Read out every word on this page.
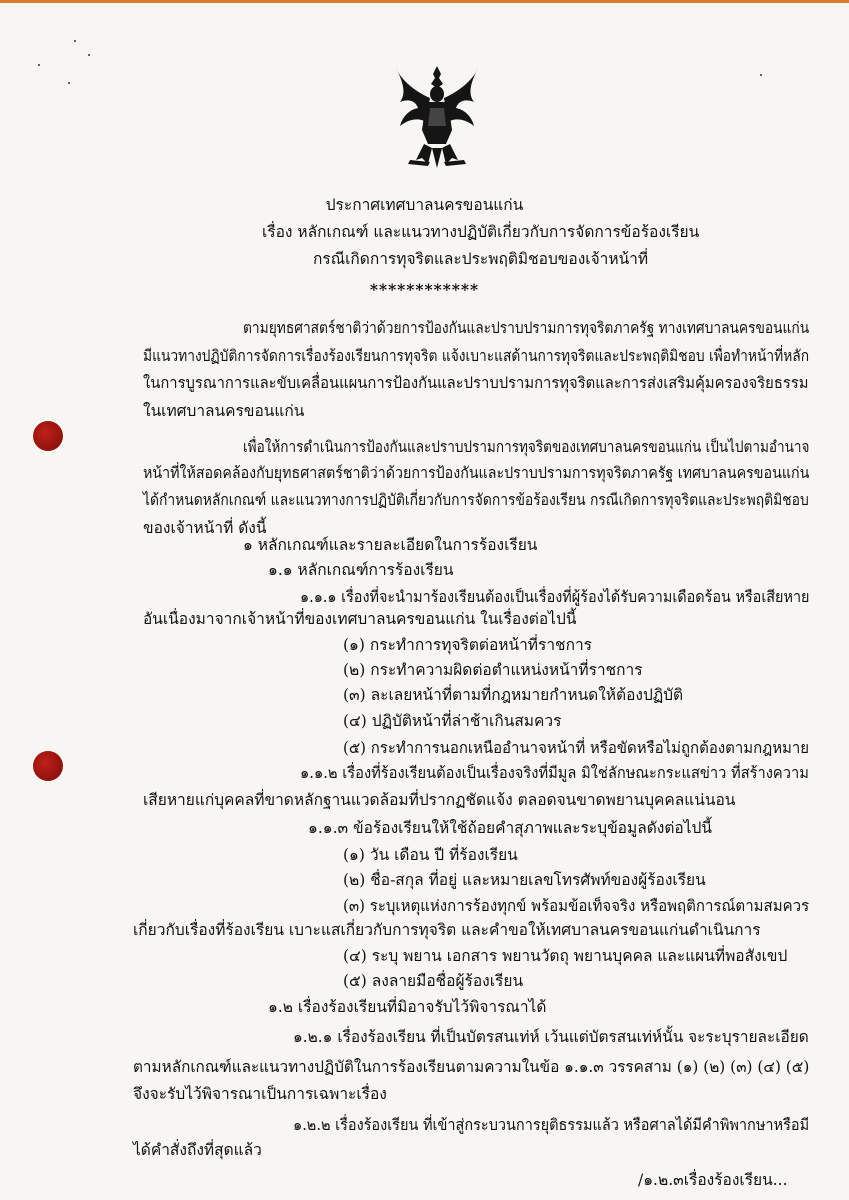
ประกาศเทศบาลนครขอนแก่น
เรื่อง หลักเกณฑ์ และแนวทางปฏิบัติเกี่ยวกับการจัดการข้อร้องเรียน
กรณีเกิดการทุจริตและประพฤติมิชอบของเจ้าหน้าที่
************
ตามยุทธศาสตร์ชาติว่าด้วยการป้องกันและปราบปรามการทุจริตภาครัฐ ทางเทศบาลนครขอนแก่น
มีแนวทางปฏิบัติการจัดการเรื่องร้องเรียนการทุจริต แจ้งเบาะแสด้านการทุจริตและประพฤติมิชอบ เพื่อทำหน้าที่หลัก
ในการบูรณาการและขับเคลื่อนแผนการป้องกันและปราบปรามการทุจริตและการส่งเสริมคุ้มครองจริยธรรม
ในเทศบาลนครขอนแก่น
เพื่อให้การดำเนินการป้องกันและปราบปรามการทุจริตของเทศบาลนครขอนแก่น เป็นไปตามอำนาจ
หน้าที่ให้สอดคล้องกับยุทธศาสตร์ชาติว่าด้วยการป้องกันและปราบปรามการทุจริตภาครัฐ เทศบาลนครขอนแก่น
ได้กำหนดหลักเกณฑ์ และแนวทางการปฏิบัติเกี่ยวกับการจัดการข้อร้องเรียน กรณีเกิดการทุจริตและประพฤติมิชอบ
ของเจ้าหน้าที่ ดังนี้
๑ หลักเกณฑ์และรายละเอียดในการร้องเรียน
๑.๑ หลักเกณฑ์การร้องเรียน
๑.๑.๑ เรื่องที่จะนำมาร้องเรียนต้องเป็นเรื่องที่ผู้ร้องได้รับความเดือดร้อน หรือเสียหาย
อันเนื่องมาจากเจ้าหน้าที่ของเทศบาลนครขอนแก่น ในเรื่องต่อไปนี้
(๑) กระทำการทุจริตต่อหน้าที่ราชการ
(๒) กระทำความผิดต่อตำแหน่งหน้าที่ราชการ
(๓) ละเลยหน้าที่ตามที่กฎหมายกำหนดให้ต้องปฏิบัติ
(๔) ปฏิบัติหน้าที่ล่าช้าเกินสมควร
(๕) กระทำการนอกเหนืออำนาจหน้าที่ หรือขัดหรือไม่ถูกต้องตามกฎหมาย
๑.๑.๒ เรื่องที่ร้องเรียนต้องเป็นเรื่องจริงที่มีมูล มิใช่ลักษณะกระแสข่าว ที่สร้างความ
เสียหายแก่บุคคลที่ขาดหลักฐานแวดล้อมที่ปรากฏชัดแจ้ง ตลอดจนขาดพยานบุคคลแน่นอน
๑.๑.๓ ข้อร้องเรียนให้ใช้ถ้อยคำสุภาพและระบุข้อมูลดังต่อไปนี้
(๑) วัน เดือน ปี ที่ร้องเรียน
(๒) ชื่อ-สกุล ที่อยู่ และหมายเลขโทรศัพท์ของผู้ร้องเรียน
(๓) ระบุเหตุแห่งการร้องทุกข์ พร้อมข้อเท็จจริง หรือพฤติการณ์ตามสมควร
เกี่ยวกับเรื่องที่ร้องเรียน เบาะแสเกี่ยวกับการทุจริต และคำขอให้เทศบาลนครขอนแก่นดำเนินการ
(๔) ระบุ พยาน เอกสาร พยานวัตถุ พยานบุคคล และแผนที่พอสังเขป
(๕) ลงลายมือชื่อผู้ร้องเรียน
๑.๒ เรื่องร้องเรียนที่มิอาจรับไว้พิจารณาได้
๑.๒.๑ เรื่องร้องเรียน ที่เป็นบัตรสนเท่ห์ เว้นแต่บัตรสนเท่ห์นั้น จะระบุรายละเอียด
ตามหลักเกณฑ์และแนวทางปฏิบัติในการร้องเรียนตามความในข้อ ๑.๑.๓ วรรคสาม (๑) (๒) (๓) (๔) (๕)
จึงจะรับไว้พิจารณาเป็นการเฉพาะเรื่อง
๑.๒.๒ เรื่องร้องเรียน ที่เข้าสู่กระบวนการยุติธรรมแล้ว หรือศาลได้มีคำพิพากษาหรือมี
ได้คำสั่งถึงที่สุดแล้ว
/๑.๒.๓เรื่องร้องเรียน...
